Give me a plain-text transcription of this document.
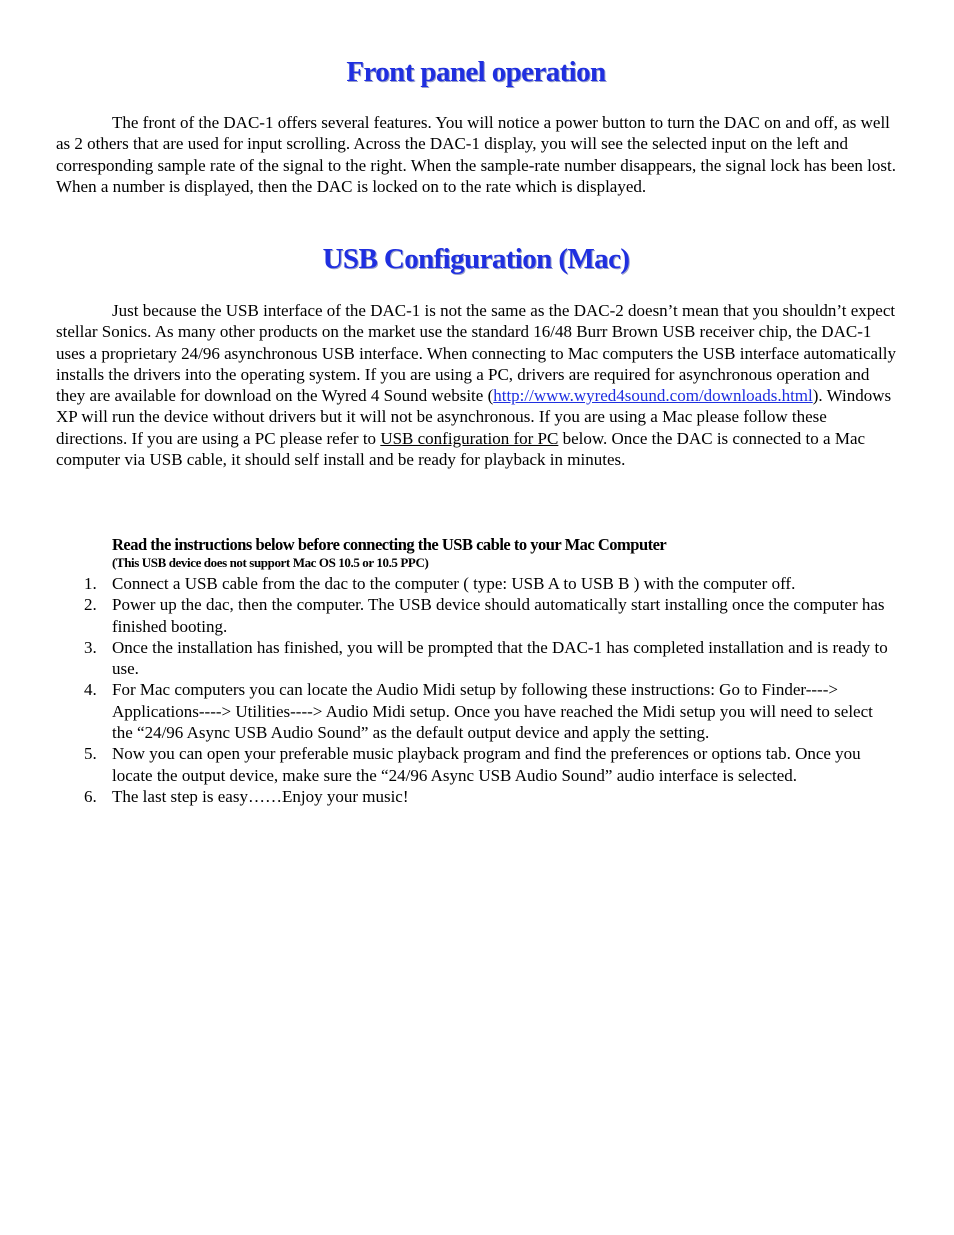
Front panel operation

The front of the DAC-1 offers several features. You will notice a power button to turn the DAC on and off, as well as 2 others that are used for input scrolling. Across the DAC-1 display, you will see the selected input on the left and corresponding sample rate of the signal to the right. When the sample-rate number disappears, the signal lock has been lost. When a number is displayed, then the DAC is locked on to the rate which is displayed.

USB Configuration (Mac)

Just because the USB interface of the DAC-1 is not the same as the DAC-2 doesn’t mean that you shouldn’t expect stellar Sonics. As many other products on the market use the standard 16/48 Burr Brown USB receiver chip, the DAC-1 uses a proprietary 24/96 asynchronous USB interface. When connecting to Mac computers the USB interface automatically installs the drivers into the operating system. If you are using a PC, drivers are required for asynchronous operation and they are available for download on the Wyred 4 Sound website (http://www.wyred4sound.com/downloads.html). Windows XP will run the device without drivers but it will not be asynchronous. If you are using a Mac please follow these directions. If you are using a PC please refer to USB configuration for PC below. Once the DAC is connected to a Mac computer via USB cable, it should self install and be ready for playback in minutes.

Read the instructions below before connecting the USB cable to your Mac Computer
(This USB device does not support Mac OS 10.5 or 10.5 PPC)
1. Connect a USB cable from the dac to the computer ( type: USB A to USB B ) with the computer off.
2. Power up the dac, then the computer. The USB device should automatically start installing once the computer has finished booting.
3. Once the installation has finished, you will be prompted that the DAC-1 has completed installation and is ready to use.
4. For Mac computers you can locate the Audio Midi setup by following these instructions: Go to Finder----> Applications----> Utilities----> Audio Midi setup. Once you have reached the Midi setup you will need to select the “24/96 Async USB Audio Sound” as the default output device and apply the setting.
5. Now you can open your preferable music playback program and find the preferences or options tab. Once you locate the output device, make sure the “24/96 Async USB Audio Sound” audio interface is selected.
6. The last step is easy……Enjoy your music!
